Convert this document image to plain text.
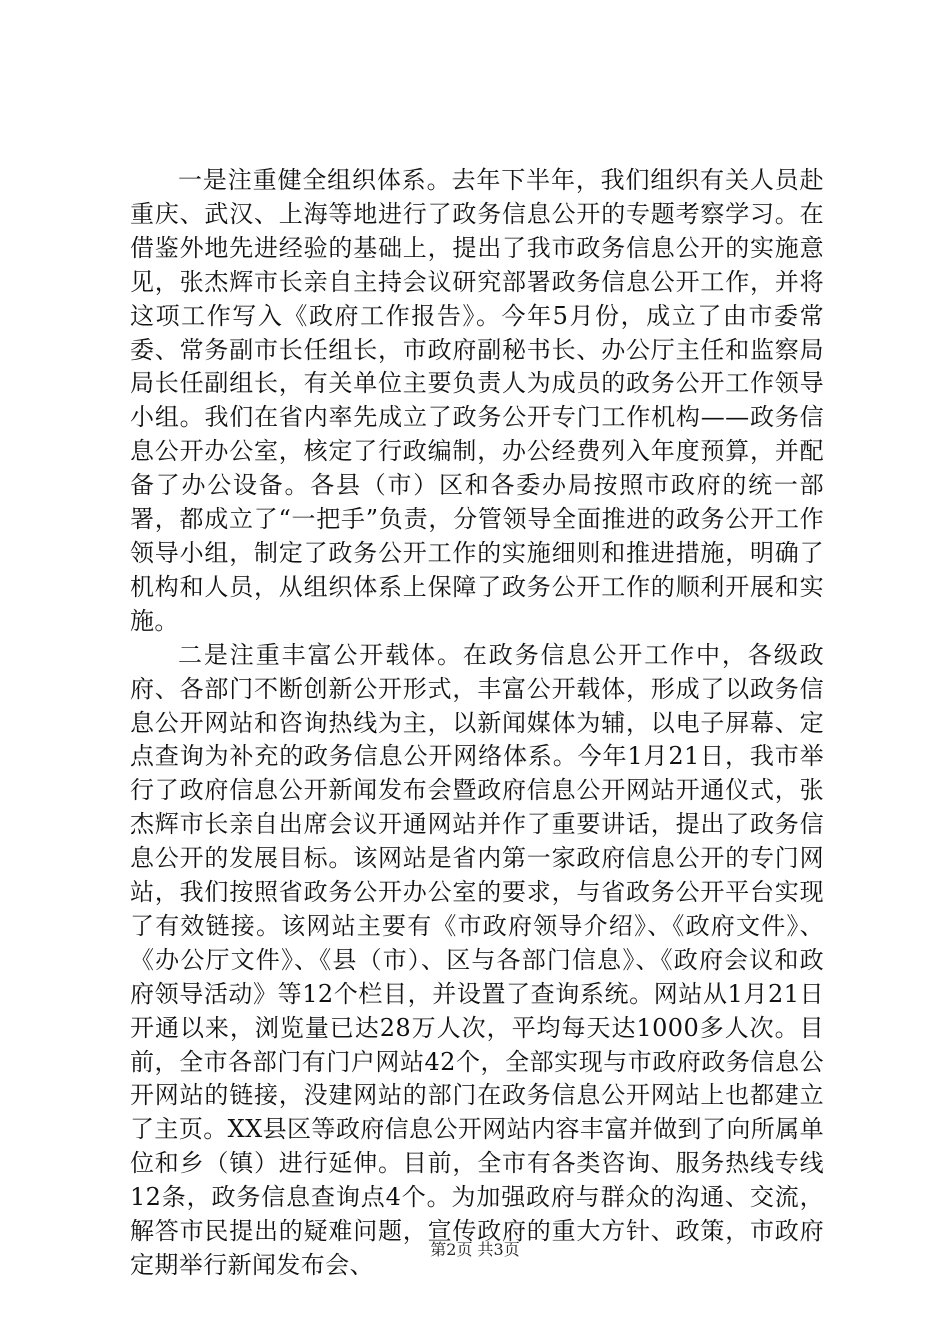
一是注重健全组织体系。去年下半年，我们组织有关人员赴重庆、武汉、上海等地进行了政务信息公开的专题考察学习。在借鉴外地先进经验的基础上，提出了我市政务信息公开的实施意见，张杰辉市长亲自主持会议研究部署政务信息公开工作，并将这项工作写入《政府工作报告》。今年5月份，成立了由市委常委、常务副市长任组长，市政府副秘书长、办公厅主任和监察局局长任副组长，有关单位主要负责人为成员的政务公开工作领导小组。我们在省内率先成立了政务公开专门工作机构——政务信息公开办公室，核定了行政编制，办公经费列入年度预算，并配备了办公设备。各县（市）区和各委办局按照市政府的统一部署，都成立了“一把手”负责，分管领导全面推进的政务公开工作领导小组，制定了政务公开工作的实施细则和推进措施，明确了机构和人员，从组织体系上保障了政务公开工作的顺利开展和实施。

二是注重丰富公开载体。在政务信息公开工作中，各级政府、各部门不断创新公开形式，丰富公开载体，形成了以政务信息公开网站和咨询热线为主，以新闻媒体为辅，以电子屏幕、定点查询为补充的政务信息公开网络体系。今年1月21日，我市举行了政府信息公开新闻发布会暨政府信息公开网站开通仪式，张杰辉市长亲自出席会议开通网站并作了重要讲话，提出了政务信息公开的发展目标。该网站是省内第一家政府信息公开的专门网站，我们按照省政务公开办公室的要求，与省政务公开平台实现了有效链接。该网站主要有《市政府领导介绍》、《政府文件》、《办公厅文件》、《县（市）、区与各部门信息》、《政府会议和政府领导活动》等12个栏目，并设置了查询系统。网站从1月21日开通以来，浏览量已达28万人次，平均每天达1000多人次。目前，全市各部门有门户网站42个，全部实现与市政府政务信息公开网站的链接，没建网站的部门在政务信息公开网站上也都建立了主页。XX县区等政府信息公开网站内容丰富并做到了向所属单位和乡（镇）进行延伸。目前，全市有各类咨询、服务热线专线12条，政务信息查询点4个。为加强政府与群众的沟通、交流，解答市民提出的疑难问题，宣传政府的重大方针、政策，市政府定期举行新闻发布会、

第2页 共3页
